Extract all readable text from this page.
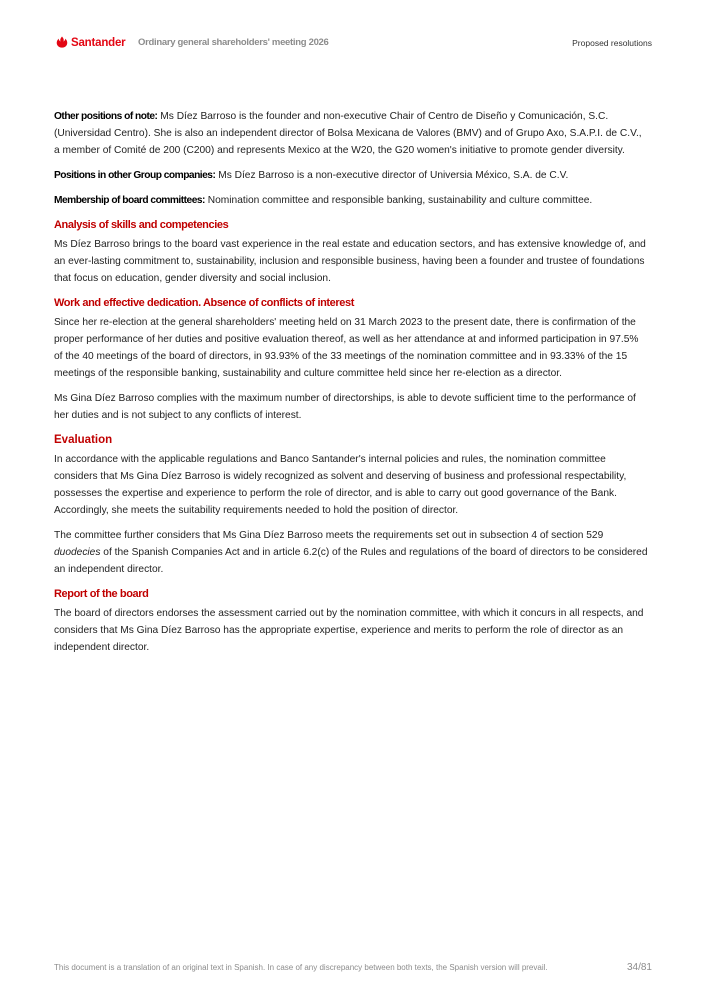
Santander Ordinary general shareholders' meeting 2026	Proposed resolutions

Other positions of note: Ms Díez Barroso is the founder and non-executive Chair of Centro de Diseño y Comunicación, S.C. (Universidad Centro). She is also an independent director of Bolsa Mexicana de Valores (BMV) and of Grupo Axo, S.A.P.I. de C.V., a member of Comité de 200 (C200) and represents Mexico at the W20, the G20 women's initiative to promote gender diversity.

Positions in other Group companies: Ms Díez Barroso is a non-executive director of Universia México, S.A. de C.V.

Membership of board committees: Nomination committee and responsible banking, sustainability and culture committee.

Analysis of skills and competencies

Ms Díez Barroso brings to the board vast experience in the real estate and education sectors, and has extensive knowledge of, and an ever-lasting commitment to, sustainability, inclusion and responsible business, having been a founder and trustee of foundations that focus on education, gender diversity and social inclusion.

Work and effective dedication. Absence of conflicts of interest

Since her re-election at the general shareholders' meeting held on 31 March 2023 to the present date, there is confirmation of the proper performance of her duties and positive evaluation thereof, as well as her attendance at and informed participation in 97.5% of the 40 meetings of the board of directors, in 93.93% of the 33 meetings of the nomination committee and in 93.33% of the 15 meetings of the responsible banking, sustainability and culture committee held since her re-election as a director.

Ms Gina Díez Barroso complies with the maximum number of directorships, is able to devote sufficient time to the performance of her duties and is not subject to any conflicts of interest.

Evaluation

In accordance with the applicable regulations and Banco Santander's internal policies and rules, the nomination committee considers that Ms Gina Díez Barroso is widely recognized as solvent and deserving of business and professional respectability, possesses the expertise and experience to perform the role of director, and is able to carry out good governance of the Bank. Accordingly, she meets the suitability requirements needed to hold the position of director.

The committee further considers that Ms Gina Díez Barroso meets the requirements set out in subsection 4 of section 529 duodecies of the Spanish Companies Act and in article 6.2(c) of the Rules and regulations of the board of directors to be considered an independent director.

Report of the board

The board of directors endorses the assessment carried out by the nomination committee, with which it concurs in all respects, and considers that Ms Gina Díez Barroso has the appropriate expertise, experience and merits to perform the role of director as an independent director.

This document is a translation of an original text in Spanish. In case of any discrepancy between both texts, the Spanish version will prevail.	34/81
